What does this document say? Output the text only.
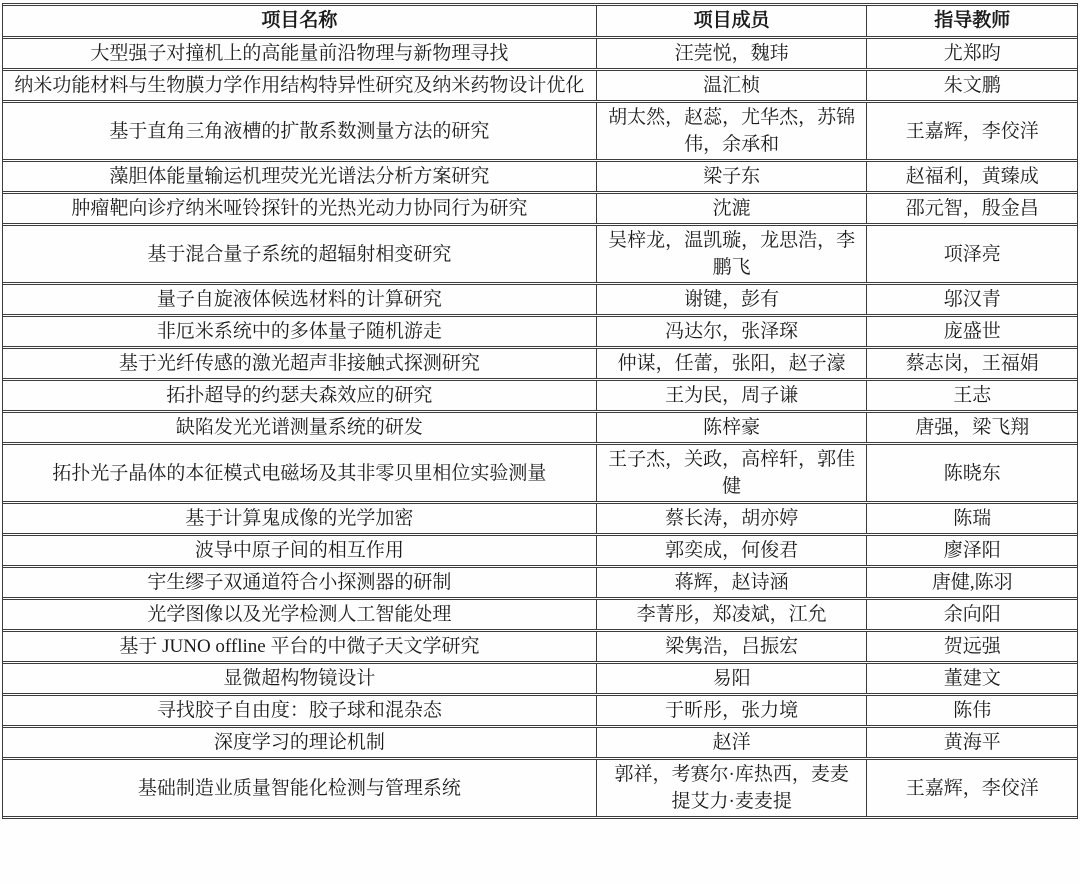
项目名称	项目成员	指导教师
大型强子对撞机上的高能量前沿物理与新物理寻找	汪莞悦，魏玮	尤郑昀
纳米功能材料与生物膜力学作用结构特异性研究及纳米药物设计优化	温汇桢	朱文鹏
基于直角三角液槽的扩散系数测量方法的研究	胡太然，赵蕊，尤华杰，苏锦伟，余承和	王嘉辉，李佼洋
藻胆体能量输运机理荧光光谱法分析方案研究	梁子东	赵福利，黄臻成
肿瘤靶向诊疗纳米哑铃探针的光热光动力协同行为研究	沈漉	邵元智，殷金昌
基于混合量子系统的超辐射相变研究	吴梓龙，温凯璇，龙思浩，李鹏飞	项泽亮
量子自旋液体候选材料的计算研究	谢键，彭有	邬汉青
非厄米系统中的多体量子随机游走	冯达尔，张泽琛	庞盛世
基于光纤传感的激光超声非接触式探测研究	仲谋，任蕾，张阳，赵子濠	蔡志岗，王福娟
拓扑超导的约瑟夫森效应的研究	王为民，周子谦	王志
缺陷发光光谱测量系统的研发	陈梓豪	唐强，梁飞翔
拓扑光子晶体的本征模式电磁场及其非零贝里相位实验测量	王子杰，关政，高梓轩，郭佳健	陈晓东
基于计算鬼成像的光学加密	蔡长涛，胡亦婷	陈瑞
波导中原子间的相互作用	郭奕成，何俊君	廖泽阳
宇生缪子双通道符合小探测器的研制	蒋辉，赵诗涵	唐健,陈羽
光学图像以及光学检测人工智能处理	李菁彤，郑凌斌，江允	余向阳
基于 JUNO offline 平台的中微子天文学研究	梁隽浩，吕振宏	贺远强
显微超构物镜设计	易阳	董建文
寻找胶子自由度：胶子球和混杂态	于昕彤，张力境	陈伟
深度学习的理论机制	赵洋	黄海平
基础制造业质量智能化检测与管理系统	郭祥，考赛尔·库热西，麦麦提艾力·麦麦提	王嘉辉，李佼洋
